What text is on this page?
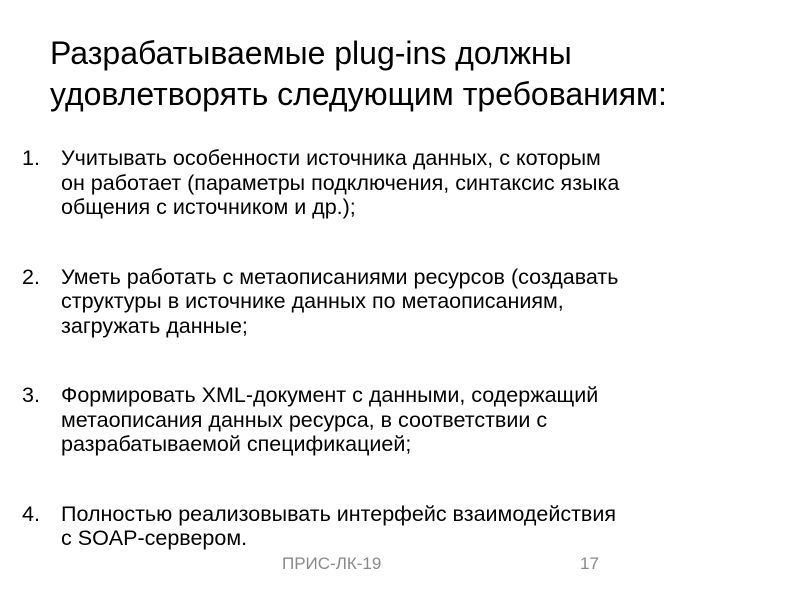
Разрабатываемые plug-ins должны
удовлетворять следующим требованиям:
1. Учитывать особенности источника данных, с которым
он работает (параметры подключения, синтаксис языка
общения с источником и др.);
2. Уметь работать с метаописаниями ресурсов (создавать
структуры в источнике данных по метаописаниям,
загружать данные;
3. Формировать XML-документ с данными, содержащий
метаописания данных ресурса, в соответствии с
разрабатываемой спецификацией;
4. Полностью реализовывать интерфейс взаимодействия
с SOAP-сервером.
ПРИС-ЛК-19	17
